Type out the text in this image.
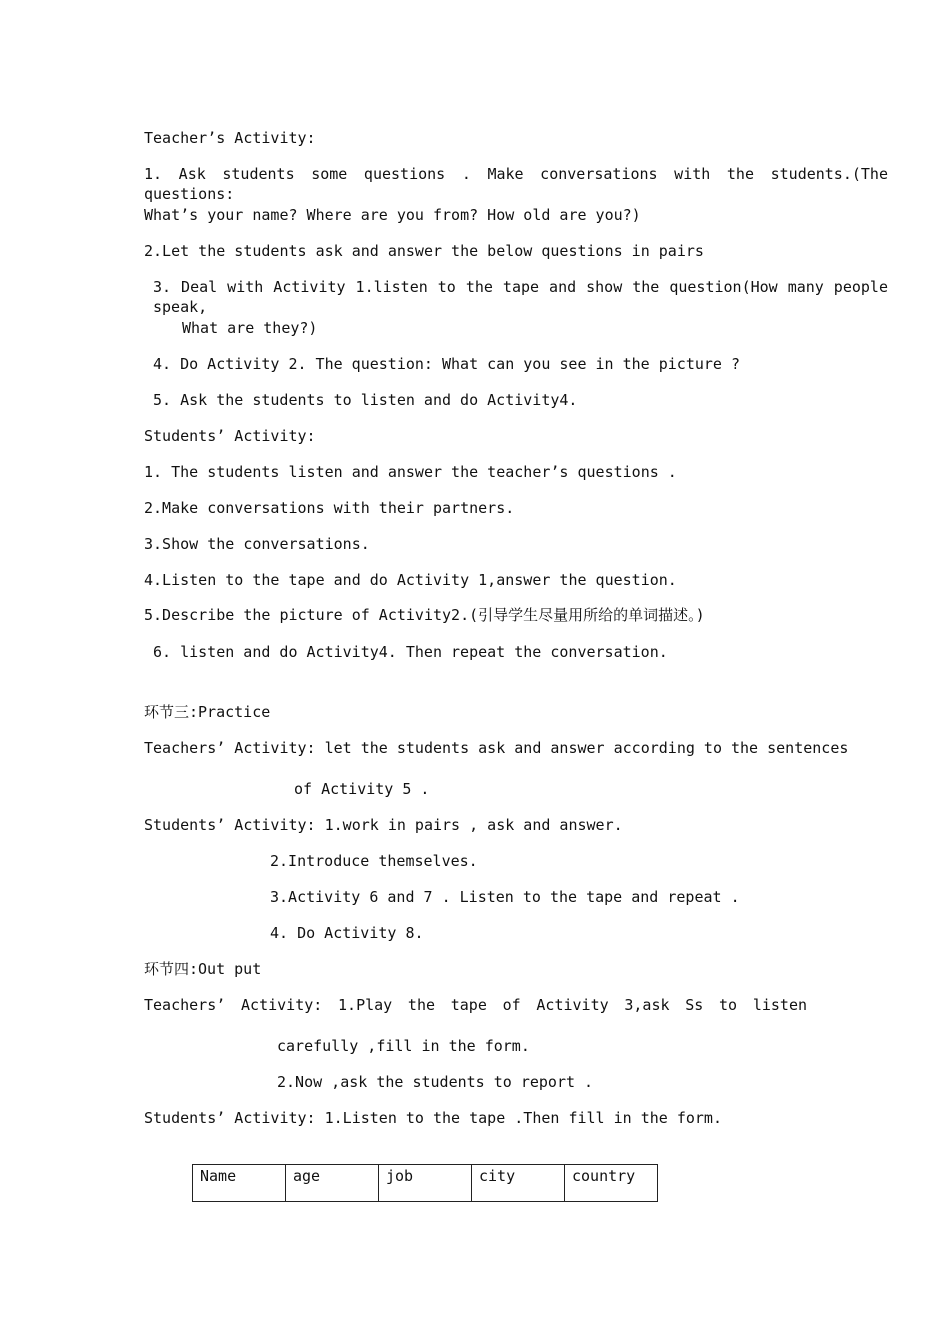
Teacher’s Activity:
1. Ask students some questions . Make conversations with the students.(The questions:
What’s your name? Where are you from? How old are you?)
2.Let the students ask and answer the below questions in pairs
3. Deal with Activity 1.listen to the tape and show the question(How many people speak,
What are they?)
4. Do Activity 2. The question: What can you see in the picture ?
5. Ask the students to listen and do Activity4.
Students’ Activity:
1. The students listen and answer the teacher’s questions .
2.Make conversations with their partners.
3.Show the conversations.
4.Listen to the tape and do Activity 1,answer the question.
5.Describe the picture of Activity2.(引导学生尽量用所给的单词描述。)
6. listen and do Activity4. Then repeat the conversation.
环节三:Practice
Teachers’ Activity: let the students ask and answer according to the sentences
of Activity 5 .
Students’ Activity: 1.work in pairs , ask and answer.
2.Introduce themselves.
3.Activity 6 and 7 . Listen to the tape and repeat .
4. Do Activity 8.
环节四:Out put
Teachers’ Activity: 1.Play the tape of Activity 3,ask Ss to listen
carefully ,fill in the form.
2.Now ,ask the students to report .
Students’ Activity: 1.Listen to the tape .Then fill in the form.
Name	age	job	city	country
